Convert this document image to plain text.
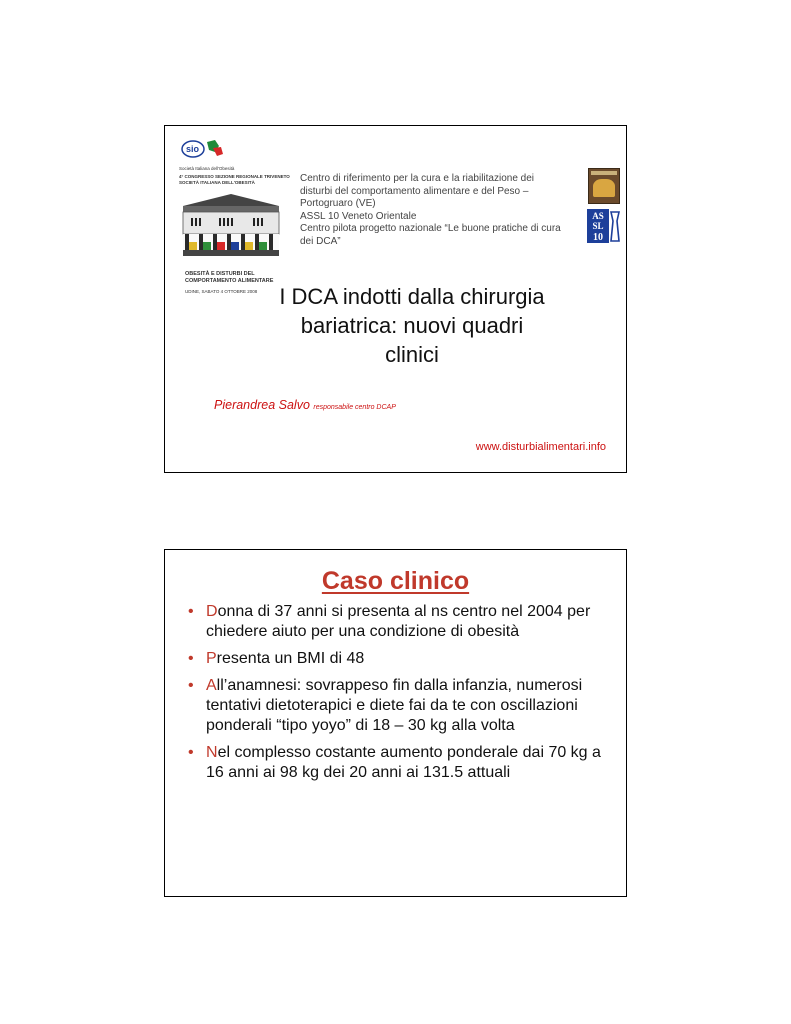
sio
Società Italiana dell'Obesità
4° CONGRESSO SEZIONE REGIONALE TRIVENETO
SOCIETÀ ITALIANA DELL'OBESITÀ
OBESITÀ E DISTURBI DEL
COMPORTAMENTO ALIMENTARE
UDINE, SABATO 4 OTTOBRE 2008

Centro di riferimento per la cura e la riabilitazione dei disturbi del comportamento alimentare e del Peso – Portogruaro (VE)

ASSL 10 Veneto Orientale

Centro pilota progetto nazionale “Le buone pratiche di cura dei DCA”

AS
SL
10
I DCA indotti dalla chirurgia
bariatrica: nuovi quadri
clinici
Pierandrea Salvo responsabile centro DCAP
www.disturbialimentari.info
Caso clinico
• Donna di 37 anni si presenta al ns centro nel 2004 per chiedere aiuto per una condizione di obesità
• Presenta un BMI di 48
• All’anamnesi: sovrappeso fin dalla infanzia, numerosi tentativi dietoterapici e diete fai da te con oscillazioni ponderali “tipo yoyo” di 18 – 30 kg alla volta
• Nel complesso costante aumento ponderale dai 70 kg a 16 anni ai 98 kg dei 20 anni ai 131.5 attuali
